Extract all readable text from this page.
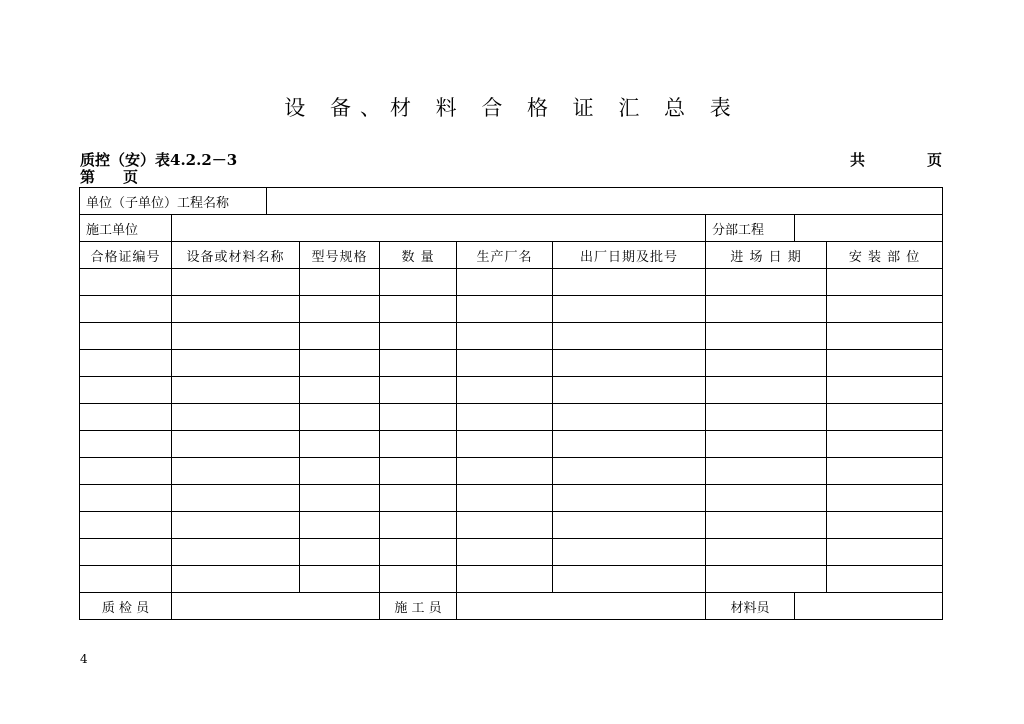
设 备、材 料 合 格 证 汇 总 表
质控（安）表4.2.2－3
第页
共	页
单位（子单位）工程名称									
施工单位							分部工程		
合格证编号	设备或材料名称		型号规格	数 量	生产厂名	出厂日期及批号	进 场 日 期		安 装 部 位

质 检 员				施 工 员			材料员		
4
